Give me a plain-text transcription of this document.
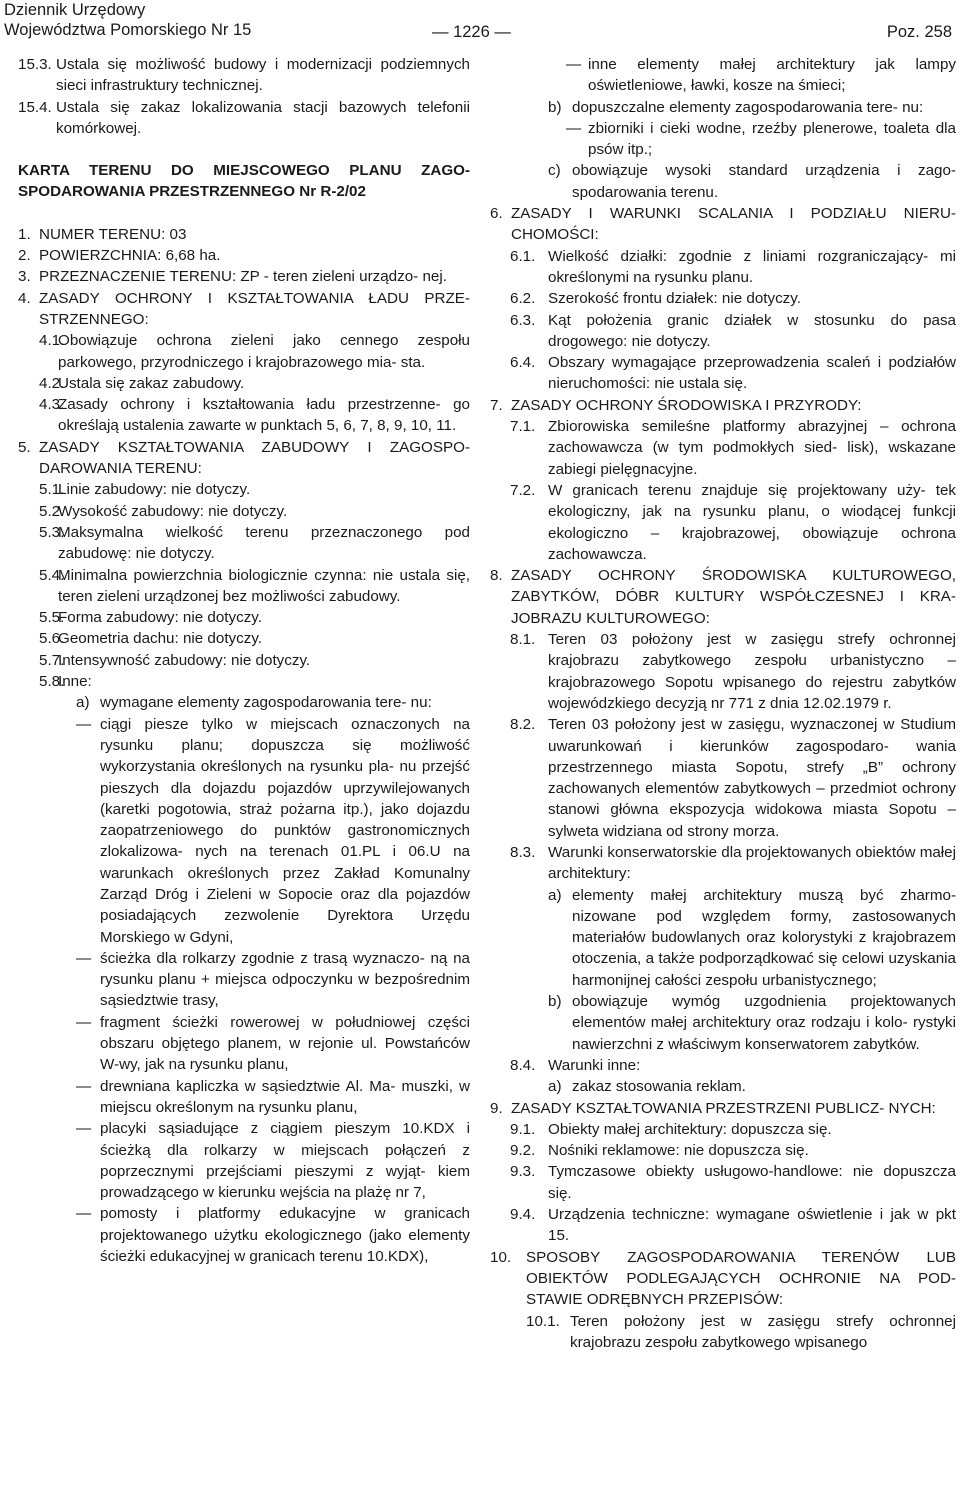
Dziennik Urzędowy
Województwa Pomorskiego Nr 15	— 1226 —	Poz. 258
15.3. Ustala się możliwość budowy i modernizacji podziemnych sieci infrastruktury technicznej.
15.4. Ustala się zakaz lokalizowania stacji bazowych telefonii komórkowej.
KARTA TERENU DO MIEJSCOWEGO PLANU ZAGO- SPODAROWANIA PRZESTRZENNEGO Nr R-2/02
1. NUMER TERENU: 03
2. POWIERZCHNIA: 6,68 ha.
3. PRZEZNACZENIE TERENU: ZP - teren zieleni urządzo- nej.
4. ZASADY OCHRONY I KSZTAŁTOWANIA ŁADU PRZE- STRZENNEGO:
4.1.
Obowiązuje ochrona zieleni jako cennego zespołu parkowego, przyrodniczego i krajobrazowego mia- sta.
4.2.
Ustala się zakaz zabudowy.
4.3.
Zasady ochrony i kształtowania ładu przestrzenne- go określają ustalenia zawarte w punktach 5, 6, 7, 8, 9, 10, 11.
5. ZASADY KSZTAŁTOWANIA ZABUDOWY I ZAGOSPO- DAROWANIA TERENU:
5.1.
Linie zabudowy: nie dotyczy.
5.2.
Wysokość zabudowy: nie dotyczy.
5.3.
Maksymalna wielkość terenu przeznaczonego pod zabudowę: nie dotyczy.
5.4.
Minimalna powierzchnia biologicznie czynna: nie ustala się, teren zieleni urządzonej bez możliwości zabudowy.
5.5.
Forma zabudowy: nie dotyczy.
5.6.
Geometria dachu: nie dotyczy.
5.7.
Intensywność zabudowy: nie dotyczy.
5.8.
Inne:
a) wymagane elementy zagospodarowania tere- nu:
— ciągi piesze tylko w miejscach oznaczonych na rysunku planu; dopuszcza się możliwość wykorzystania określonych na rysunku pla- nu przejść pieszych dla dojazdu pojazdów uprzywilejowanych (karetki pogotowia, straż pożarna itp.), jako dojazdu zaopatrzeniowego do punktów gastronomicznych zlokalizowa- nych na terenach 01.PL i 06.U na warunkach określonych przez Zakład Komunalny Zarząd Dróg i Zieleni w Sopocie oraz dla pojazdów posiadających zezwolenie Dyrektora Urzędu Morskiego w Gdyni,
— ścieżka dla rolkarzy zgodnie z trasą wyznaczo- ną na rysunku planu + miejsca odpoczynku w bezpośrednim sąsiedztwie trasy,
— fragment ścieżki rowerowej w południowej części obszaru objętego planem, w rejonie ul. Powstańców W-wy, jak na rysunku planu,
— drewniana kapliczka w sąsiedztwie Al. Ma- muszki, w miejscu określonym na rysunku planu,
— placyki sąsiadujące z ciągiem pieszym 10.KDX i ścieżką dla rolkarzy w miejscach połączeń z poprzecznymi przejściami pieszymi z wyjąt- kiem prowadzącego w kierunku wejścia na plażę nr 7,
— pomosty i platformy edukacyjne w granicach projektowanego użytku ekologicznego (jako elementy ścieżki edukacyjnej w granicach terenu 10.KDX),
— inne elementy małej architektury jak lampy oświetleniowe, ławki, kosze na śmieci;
b) dopuszczalne elementy zagospodarowania tere- nu:
— zbiorniki i cieki wodne, rzeźby plenerowe, toaleta dla psów itp.;
c) obowiązuje wysoki standard urządzenia i zago- spodarowania terenu.
6. ZASADY I WARUNKI SCALANIA I PODZIAŁU NIERU- CHOMOŚCI:
6.1. Wielkość działki: zgodnie z liniami rozgraniczający- mi określonymi na rysunku planu.
6.2. Szerokość frontu działek: nie dotyczy.
6.3. Kąt położenia granic działek w stosunku do pasa drogowego: nie dotyczy.
6.4. Obszary wymagające przeprowadzenia scaleń i podziałów nieruchomości: nie ustala się.
7. ZASADY OCHRONY ŚRODOWISKA I PRZYRODY:
7.1. Zbiorowiska semileśne platformy abrazyjnej – ochrona zachowawcza (w tym podmokłych sied- lisk), wskazane zabiegi pielęgnacyjne.
7.2. W granicach terenu znajduje się projektowany uży- tek ekologiczny, jak na rysunku planu, o wiodącej funkcji ekologiczno – krajobrazowej, obowiązuje ochrona zachowawcza.
8. ZASADY OCHRONY ŚRODOWISKA KULTUROWEGO, ZABYTKÓW, DÓBR KULTURY WSPÓŁCZESNEJ I KRA- JOBRAZU KULTUROWEGO:
8.1. Teren 03 położony jest w zasięgu strefy ochronnej krajobrazu zabytkowego zespołu urbanistyczno – krajobrazowego Sopotu wpisanego do rejestru zabytków wojewódzkiego decyzją nr 771 z dnia 12.02.1979 r.
8.2. Teren 03 położony jest w zasięgu, wyznaczonej w Studium uwarunkowań i kierunków zagospodaro- wania przestrzennego miasta Sopotu, strefy „B” ochrony zachowanych elementów zabytkowych – przedmiot ochrony stanowi główna ekspozycja widokowa miasta Sopotu – sylweta widziana od strony morza.
8.3. Warunki konserwatorskie dla projektowanych obiektów małej architektury:
a) elementy małej architektury muszą być zharmo- nizowane pod względem formy, zastosowanych materiałów budowlanych oraz kolorystyki z krajobrazem otoczenia, a także podporządkować się celowi uzyskania harmonijnej całości zespołu urbanistycznego;
b) obowiązuje wymóg uzgodnienia projektowanych elementów małej architektury oraz rodzaju i kolo- rystyki nawierzchni z właściwym konserwatorem zabytków.
8.4. Warunki inne:
a) zakaz stosowania reklam.
9. ZASADY KSZTAŁTOWANIA PRZESTRZENI PUBLICZ- NYCH:
9.1. Obiekty małej architektury: dopuszcza się.
9.2. Nośniki reklamowe: nie dopuszcza się.
9.3. Tymczasowe obiekty usługowo-handlowe: nie dopuszcza się.
9.4. Urządzenia techniczne: wymagane oświetlenie i jak w pkt 15.
10. SPOSOBY ZAGOSPODAROWANIA TERENÓW LUB OBIEKTÓW PODLEGAJĄCYCH OCHRONIE NA POD- STAWIE ODRĘBNYCH PRZEPISÓW:
10.1. Teren położony jest w zasięgu strefy ochronnej krajobrazu zespołu zabytkowego wpisanego
